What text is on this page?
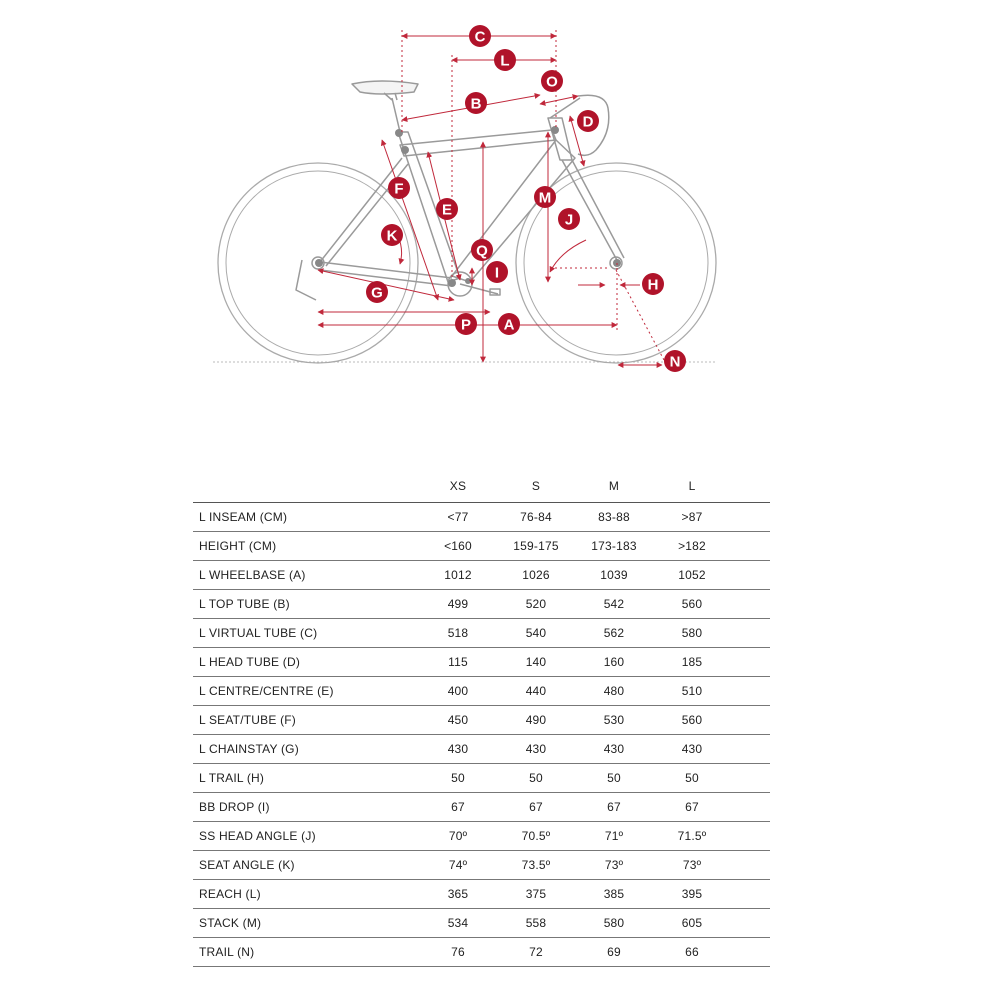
C
L
O
B
D
F
M
E
J
K
Q
I
H
G
P A
N
	XS	S	M	L	
L INSEAM (CM)	<77	76-84	83-88	>87	
HEIGHT (CM)	<160	159-175	173-183	>182	
L WHEELBASE (A)	1012	1026	1039	1052	
L TOP TUBE (B)	499	520	542	560	
L VIRTUAL TUBE (C)	518	540	562	580	
L HEAD TUBE (D)	115	140	160	185	
L CENTRE/CENTRE (E)	400	440	480	510	
L SEAT/TUBE (F)	450	490	530	560	
L CHAINSTAY (G)	430	430	430	430	
L TRAIL (H)	50	50	50	50	
BB DROP (I)	67	67	67	67	
SS HEAD ANGLE (J)	70º	70.5º	71º	71.5º	
SEAT ANGLE (K)	74º	73.5º	73º	73º	
REACH (L)	365	375	385	395	
STACK (M)	534	558	580	605	
TRAIL (N)	76	72	69	66	
